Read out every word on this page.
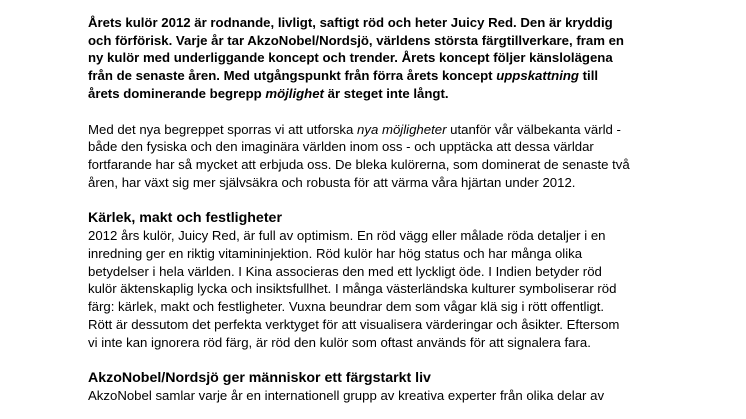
Årets kulör 2012 är rodnande, livligt, saftigt röd och heter Juicy Red. Den är kryddig
och förförisk. Varje år tar AkzoNobel/Nordsjö, världens största färgtillverkare, fram en
ny kulör med underliggande koncept och trender. Årets koncept följer känslolägena
från de senaste åren. Med utgångspunkt från förra årets koncept uppskattning till
årets dominerande begrepp möjlighet är steget inte långt.

Med det nya begreppet sporras vi att utforska nya möjligheter utanför vår välbekanta värld -
både den fysiska och den imaginära världen inom oss - och upptäcka att dessa världar
fortfarande har så mycket att erbjuda oss. De bleka kulörerna, som dominerat de senaste två
åren, har växt sig mer självsäkra och robusta för att värma våra hjärtan under 2012.

Kärlek, makt och festligheter

2012 års kulör, Juicy Red, är full av optimism. En röd vägg eller målade röda detaljer i en
inredning ger en riktig vitamininjektion. Röd kulör har hög status och har många olika
betydelser i hela världen. I Kina associeras den med ett lyckligt öde. I Indien betyder röd
kulör äktenskaplig lycka och insiktsfullhet. I många västerländska kulturer symboliserar röd
färg: kärlek, makt och festligheter. Vuxna beundrar dem som vågar klä sig i rött offentligt.
Rött är dessutom det perfekta verktyget för att visualisera värderingar och åsikter. Eftersom
vi inte kan ignorera röd färg, är röd den kulör som oftast används för att signalera fara.

AkzoNobel/Nordsjö ger människor ett färgstarkt liv

AkzoNobel samlar varje år en internationell grupp av kreativa experter från olika delar av
